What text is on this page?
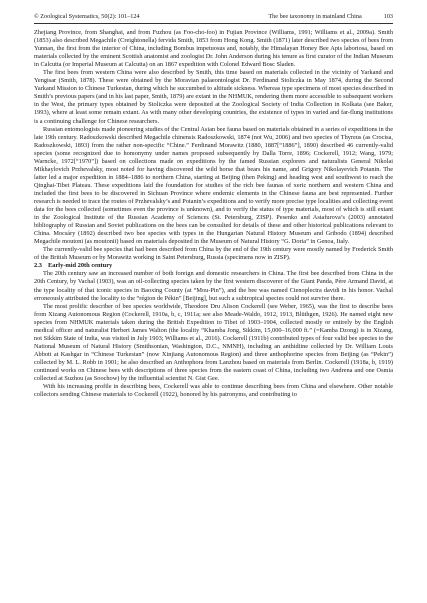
© Zoological Systematics, 50(2): 101–124	The bee taxonomy in mainland China	103

Zhejiang Province, from Shanghai, and from Fuzhou (as Foo-cho-foo) in Fujian Province (Williams, 1991; Williams et al., 2009a). Smith (1853) also described Megachile (Creightonella) fervida Smith, 1853 from Hong Kong. Smith (1871) later described two species of bees from Yunnan, the first from the interior of China, including Bombus impetuosus and, notably, the Himalayan Honey Bee Apis laboriosa, based on materials collected by the eminent Scottish anatomist and zoologist Dr. John Anderson during his tenure as first curator of the Indian Museum in Calcutta (or Imperial Museum at Calcutta) on an 1867 expedition with Colonel Edward Bosc Sladen.

The first bees from western China were also described by Smith, this time based on materials collected in the vicinity of Yarkand and Yengisar (Smith, 1878). These were obtained by the Moravian palaeontologist Dr. Ferdinand Stoliczka in May 1874, during the Second Yarkand Mission to Chinese Turkestan, during which he succumbed to altitude sickness. Whereas type specimens of most species described in Smith’s previous papers (and in his last paper, Smith, 1879) are extant in the NHMUK, rendering them more accessible to subsequent workers in the West, the primary types obtained by Stoliczka were deposited at the Zoological Society of India Collection in Kolkata (see Baker, 1993), where at least some remain extant. As with many other developing countries, the existence of types in varied and far-flung institutions is a continuing challenge for Chinese researchers.

Russian entomologists made pioneering studies of the Central Asian bee fauna based on materials obtained in a series of expeditions in the late 19th century. Radoszkowski described Megachile chinensis Radoszkowski, 1874 (not Wu, 2006) and two species of Thyreus (as Crocisa, Radoszkowski, 1893) from the rather non-specific “Chine.” Ferdinand Morawitz (1880, 1887[“1886”], 1890) described 46 currently-valid species (some recognized due to homonymy under names proposed subsequently by Dalla Torre, 1896; Cockerell, 1912; Wang, 1979; Warncke, 1972[“1970”]) based on collections made on expeditions by the famed Russian explorers and naturalists General Nikolai Mikhaylovich Przhevalsky, most noted for having discovered the wild horse that bears his name, and Grigory Nikolayevich Potanin. The latter led a major expedition in 1884–1886 to northern China, starting at Beijing (then Peking) and heading west and southwest to reach the Qinghai-Tibet Plateau. These expeditions laid the foundation for studies of the rich bee faunas of xeric northern and western China and included the first bees to be discovered in Sichuan Province where endemic elements in the Chinese fauna are best represented. Further research is needed to trace the routes of Przhevalsky’s and Potanin’s expeditions and to verify more precise type localities and collecting event data for the bees collected (sometimes even the province is unknown), and to verify the status of type materials, most of which is still extant in the Zoological Institute of the Russian Academy of Sciences (St. Petersburg, ZISP). Pesenko and Astafurova’s (2003) annotated bibliography of Russian and Soviet publications on the bees can be consulted for details of these and other historical publications relevant to China. Mocsáry (1892) described two bee species with types in the Hungarian Natural History Museum and Gribodo (1894) described Megachile moutoni (as moutonii) based on materials deposited in the Museum of Natural History “G. Doria” in Genoa, Italy.

The currently-valid bee species that had been described from China by the end of the 19th century were mostly named by Frederick Smith of the British Museum or by Morawitz working in Saint Petersburg, Russia (specimens now in ZISP).

2.3 Early-mid 20th century

The 20th century saw an increased number of both foreign and domestic researchers in China. The first bee described from China in the 20th Century, by Vachal (1903), was an oil-collecting species taken by the first western discoverer of the Giant Panda, Père Armand David, at the type locality of that iconic species in Baoxing County (at “Mou-Pin”), and the bee was named Ctenoplectra davidi in his honor. Vachal erroneously attributed the locality to the “région de Pékin” [Beijing], but such a subtropical species could not survive there.

The most prolific describer of bee species worldwide, Theodore Dru Alison Cockerell (see Weber, 1965), was the first to describe bees from Xizang Autonomous Region (Cockerell, 1910a, b, c, 1911a; see also Meade-Waldo, 1912, 1913, Blüthgen, 1926). He named eight new species from NHMUK materials taken during the British Expedition to Tibet of 1903–1904, collected mostly or entirely by the English medical officer and naturalist Herbert James Walton (the locality “Khamba Jong, Sikkim, 15,000–16,000 ft.” (=Kamba Dzong) is in Xizang, not Sikkim State of India, was visited in July 1903; Williams et al., 2016). Cockerell (1911b) contributed types of four valid bee species to the National Museum of Natural History (Smithsonian, Washington, D.C., NMNH), including an anthidiine collected by Dr. William Louis Abbott at Kashgar in “Chinese Turkestan” (now Xinjiang Autonomous Region) and three anthophorine species from Beijing (as “Pekin”) collected by M. L. Robb in 1901; he also described an Anthophora from Lanzhou based on materials from Berlin. Cockerell (1918a, b, 1919) continued works on Chinese bees with descriptions of three species from the eastern coast of China, including two Andrena and one Osmia collected at Suzhou (as Soochow) by the influential scientist N. Gist Gee.

With his increasing profile in describing bees, Cockerell was able to continue describing bees from China and elsewhere. Other notable collectors sending Chinese materials to Cockerell (1922), honored by his patronyms, and contributing to
